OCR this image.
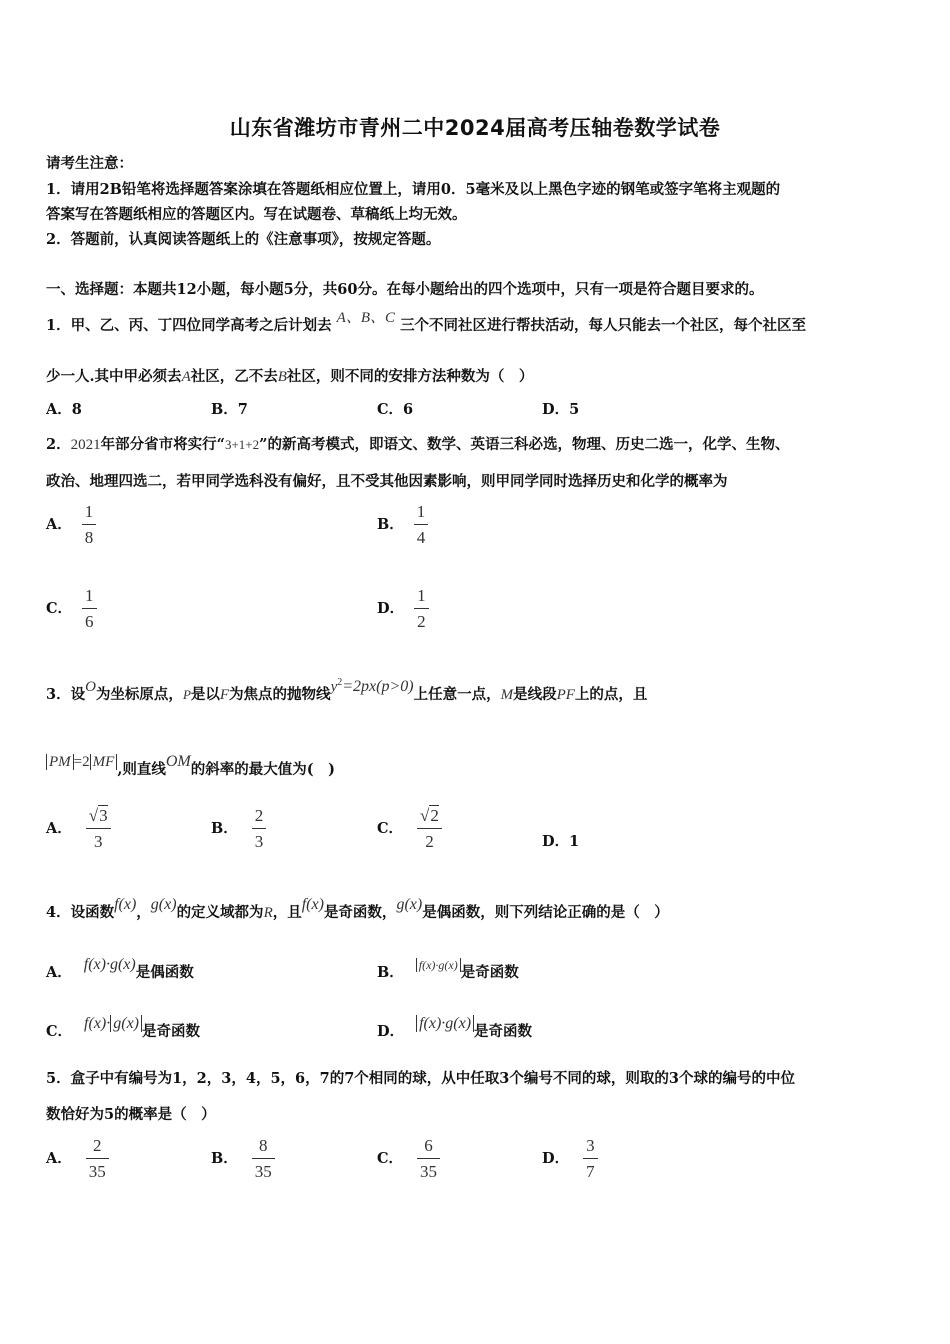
山东省潍坊市青州二中2024届高考压轴卷数学试卷
请考生注意：
1．请用2B铅笔将选择题答案涂填在答题纸相应位置上，请用0．5毫米及以上黑色字迹的钢笔或签字笔将主观题的
答案写在答题纸相应的答题区内。写在试题卷、草稿纸上均无效。
2．答题前，认真阅读答题纸上的《注意事项》，按规定答题。
一、选择题：本题共12小题，每小题5分，共60分。在每小题给出的四个选项中，只有一项是符合题目要求的。
1．甲、乙、丙、丁四位同学高考之后计划去 A、B、C 三个不同社区进行帮扶活动，每人只能去一个社区，每个社区至
少一人.其中甲必须去A社区，乙不去B社区，则不同的安排方法种数为（　）
A．8	B．7	C．6	D．5
2．2021年部分省市将实行“3+1+2”的新高考模式，即语文、数学、英语三科必选，物理、历史二选一，化学、生物、
政治、地理四选二，若甲同学选科没有偏好，且不受其他因素影响，则甲同学同时选择历史和化学的概率为
A． $\frac{1}{8}$	B． $\frac{1}{4}$
C． $\frac{1}{6}$	D． $\frac{1}{2}$
3．设O为坐标原点，P是以F为焦点的抛物线$y^2=2px(p>0)$上任意一点，M是线段PF上的点，且
PM =2 MF ,则直线OM的斜率的最大值为(　)
A． $\frac{√3}{3}$	B． $\frac{2}{3}$	C． $\frac{√2}{2}$	D．1
4．设函数f(x)，g(x)的定义域都为R，且f(x)是奇函数，g(x)是偶函数，则下列结论正确的是（　）
A． f(x)·g(x)是偶函数	B． $^{f(x)\cdot g(x)}$ 是奇函数
C． f(x)· g(x) 是奇函数	D． f(x)·g(x) 是奇函数
5．盒子中有编号为1，2，3，4，5，6，7的7个相同的球，从中任取3个编号不同的球，则取的3个球的编号的中位
数恰好为5的概率是（　）
A． $\frac{2}{35}$	B． $\frac{8}{35}$	C． $\frac{6}{35}$	D． $\frac{3}{7}$
